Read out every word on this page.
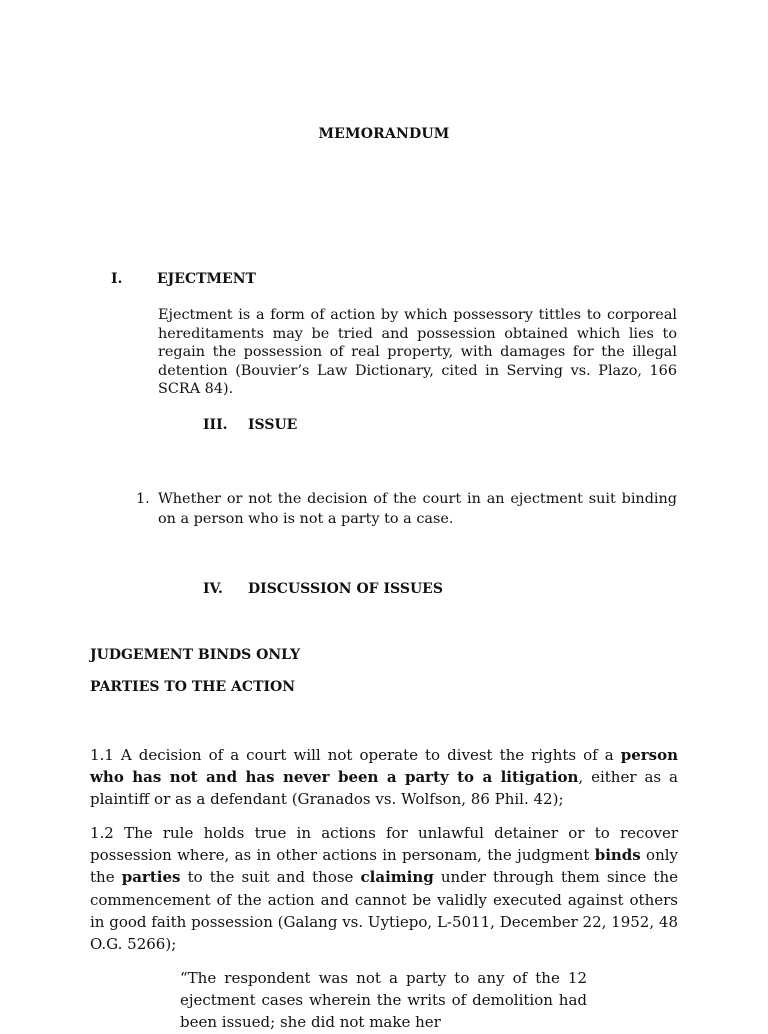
MEMORANDUM
I. EJECTMENT
Ejectment is a form of action by which possessory tittles to corporeal hereditaments may be tried and possession obtained which lies to regain the possession of real property, with damages for the illegal detention (Bouvier’s Law Dictionary, cited in Serving vs. Plazo, 166 SCRA 84).
III. ISSUE
1. Whether or not the decision of the court in an ejectment suit binding on a person who is not a party to a case.
IV. DISCUSSION OF ISSUES
JUDGEMENT BINDS ONLY
PARTIES TO THE ACTION
1.1 A decision of a court will not operate to divest the rights of a person who has not and has never been a party to a litigation, either as a plaintiff or as a defendant (Granados vs. Wolfson, 86 Phil. 42);
1.2 The rule holds true in actions for unlawful detainer or to recover possession where, as in other actions in personam, the judgment binds only the parties to the suit and those claiming under through them since the commencement of the action and cannot be validly executed against others in good faith possession (Galang vs. Uytiepo, L-5011, December 22, 1952, 48 O.G. 5266);
“The respondent was not a party to any of the 12 ejectment cases wherein the writs of demolition had been issued; she did not make her
